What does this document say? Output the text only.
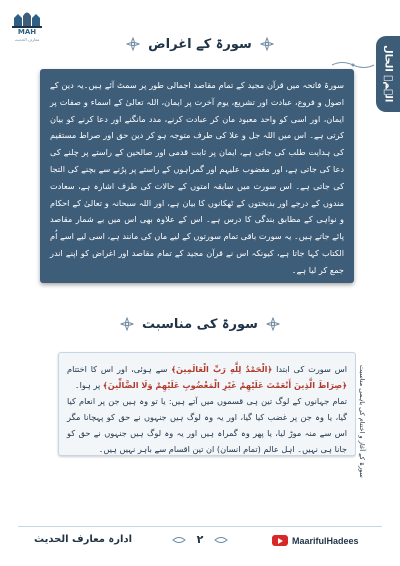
MAH
معارف الحدیث
الۗمۤ الحال
سورۃ کے اغراض
سورۃ فاتحہ میں قرآن مجید کے تمام مقاصد اجمالی طور پر سمٹ آئے ہیں۔یہ دین کے اصول و فروع، عبادت اور تشریع، یوم آخرت پر ایمان، اللہ تعالیٰ کے اسماء و صفات پر ایمان، اور اسی کو واحد معبود مان کر عبادت کرنے، مدد مانگنے اور دعا کرنے کو بیان کرتی ہے۔ اس میں اللہ جل و علا کی طرف متوجہ ہو کر دین حق اور صراط مستقیم کی ہدایت طلب کی جاتی ہے، ایمان پر ثابت قدمی اور صالحین کے راستے پر چلنے کی دعا کی جاتی ہے، اور مغضوب علیہم اور گمراہوں کے راستے پر پڑنے سے بچنے کی التجا کی جاتی ہے۔ اس سورت میں سابقہ امتوں کے حالات کی طرف اشارہ ہے، سعادت مندوں کے درجے اور بدبختوں کے ٹھکانوں کا بیان ہے، اور اللہ سبحانہ و تعالیٰ کے احکام و نواہی کے مطابق بندگی کا درس ہے۔ اس کے علاوہ بھی اس میں بے شمار مقاصد پائے جاتے ہیں۔ یہ سورت باقی تمام سورتوں کے لیے ماں کی مانند ہے، اسی لیے اسے اُم الکتاب کہا جاتا ہے، کیونکہ اس نے قرآن مجید کے تمام مقاصد اور اغراض کو اپنے اندر جمع کر لیا ہے۔
سورۃ کی مناسبت
اس سورت کی ابتدا ﴿الْحَمْدُ لِلَّهِ رَبِّ الْعَالَمِينَ﴾ سے ہوئی، اور اس کا اختتام ﴿صِرَاطَ الَّذِينَ أَنْعَمْتَ عَلَيْهِمْ غَيْرِ الْمَغْضُوبِ عَلَيْهِمْ وَلَا الضَّالِّينَ﴾ پر ہوا۔
تمام جہانوں کے لوگ تین ہی قسموں میں آتے ہیں: یا تو وہ ہیں جن پر انعام کیا گیا، یا وہ جن پر غضب کیا گیا، اور یہ وہ لوگ ہیں جنہوں نے حق کو پہچانا مگر اس سے منہ موڑ لیا، یا پھر وہ گمراہ ہیں اور یہ وہ لوگ ہیں جنہوں نے حق کو جانا ہی نہیں۔ اہل عالم (تمام انسان) ان تین اقسام سے باہر نہیں ہیں۔	سورۃ کے آغاز و اختتام کی باہمی مناسبت
ادارہ معارف الحدیث	٢	MaarifulHadees
